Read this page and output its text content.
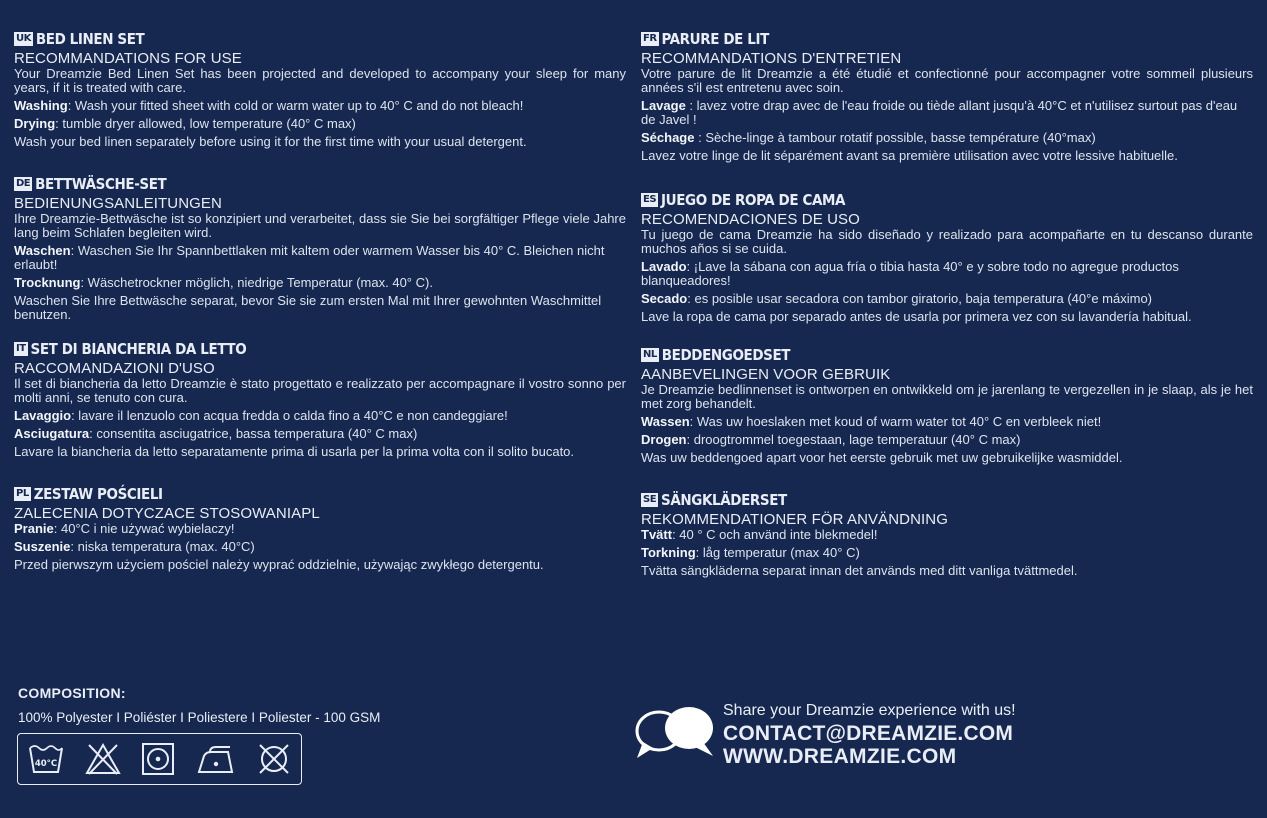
UK BED LINEN SET
RECOMMANDATIONS FOR USE

Your Dreamzie Bed Linen Set has been projected and developed to accompany your sleep for many years, if it is treated with care.

Washing: Wash your fitted sheet with cold or warm water up to 40° C and do not bleach!

Drying: tumble dryer allowed, low temperature (40° C max)

Wash your bed linen separately before using it for the first time with your usual detergent.

DE BETTWÄSCHE-SET
BEDIENUNGSANLEITUNGEN

Ihre Dreamzie-Bettwäsche ist so konzipiert und verarbeitet, dass sie Sie bei sorgfältiger Pflege viele Jahre lang beim Schlafen begleiten wird.

Waschen: Waschen Sie Ihr Spannbettlaken mit kaltem oder warmem Wasser bis 40° C. Bleichen nicht erlaubt!

Trocknung: Wäschetrockner möglich, niedrige Temperatur (max. 40° C).

Waschen Sie Ihre Bettwäsche separat, bevor Sie sie zum ersten Mal mit Ihrer gewohnten Waschmittel benutzen.

IT SET DI BIANCHERIA DA LETTO
RACCOMANDAZIONI D'USO

Il set di biancheria da letto Dreamzie è stato progettato e realizzato per accompagnare il vostro sonno per molti anni, se tenuto con cura.

Lavaggio: lavare il lenzuolo con acqua fredda o calda fino a 40°C e non candeggiare!

Asciugatura: consentita asciugatrice, bassa temperatura (40° C max)

Lavare la biancheria da letto separatamente prima di usarla per la prima volta con il solito bucato.

PL ZESTAW POŚCIELI
ZALECENIA DOTYCZACE STOSOWANIAPL

Pranie: 40°C i nie używać wybielaczy!

Suszenie: niska temperatura (max. 40°C)

Przed pierwszym użyciem pościel należy wyprać oddzielnie, używając zwykłego detergentu.

FR PARURE DE LIT
RECOMMANDATIONS D'ENTRETIEN

Votre parure de lit Dreamzie a été étudié et confectionné pour accompagner votre sommeil plusieurs années s'il est entretenu avec soin.

Lavage : lavez votre drap avec de l'eau froide ou tiède allant jusqu'à 40°C et n'utilisez surtout pas d'eau de Javel !

Séchage : Sèche-linge à tambour rotatif possible, basse température (40°max)

Lavez votre linge de lit séparément avant sa première utilisation avec votre lessive habituelle.

ES JUEGO DE ROPA DE CAMA
RECOMENDACIONES DE USO

Tu juego de cama Dreamzie ha sido diseñado y realizado para acompañarte en tu descanso durante muchos años si se cuida.

Lavado: ¡Lave la sábana con agua fría o tibia hasta 40° e y sobre todo no agregue productos blanqueadores!

Secado: es posible usar secadora con tambor giratorio, baja temperatura (40°e máximo)

Lave la ropa de cama por separado antes de usarla por primera vez con su lavandería habitual.

NL BEDDENGOEDSET
AANBEVELINGEN VOOR GEBRUIK

Je Dreamzie bedlinnenset is ontworpen en ontwikkeld om je jarenlang te vergezellen in je slaap, als je het met zorg behandelt.

Wassen: Was uw hoeslaken met koud of warm water tot 40° C en verbleek niet!

Drogen: droogtrommel toegestaan, lage temperatuur (40° C max)

Was uw beddengoed apart voor het eerste gebruik met uw gebruikelijke wasmiddel.

SE SÄNGKLÄDERSET
REKOMMENDATIONER FÖR ANVÄNDNING

Tvätt: 40 ° C och använd inte blekmedel!

Torkning: låg temperatur (max 40° C)

Tvätta sängkläderna separat innan det används med ditt vanliga tvättmedel.

COMPOSITION:
100% Polyester I Poliéster I Poliestere I Poliester - 100 GSM
40°C
Share your Dreamzie experience with us!
CONTACT@DREAMZIE.COM
WWW.DREAMZIE.COM
